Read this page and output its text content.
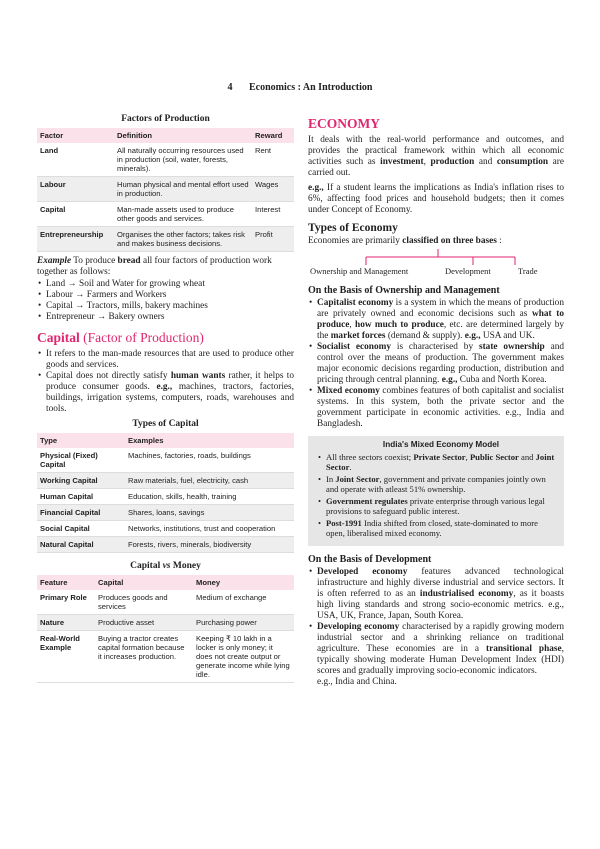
4 Economics : An Introduction
Factors of Production
Factor	Definition	Reward
Land	All naturally occurring resources used in production (soil, water, forests, minerals).	Rent
Labour	Human physical and mental effort used in production.	Wages
Capital	Man-made assets used to produce other goods and services.	Interest
Entrepreneurship	Organises the other factors; takes risk and makes business decisions.	Profit

Example To produce bread all four factors of production work together as follows:

• Land → Soil and Water for growing wheat
• Labour → Farmers and Workers
• Capital → Tractors, mills, bakery machines
• Entrepreneur → Bakery owners
Capital (Factor of Production)
• It refers to the man-made resources that are used to produce other goods and services.
• Capital does not directly satisfy human wants rather, it helps to produce consumer goods. e.g., machines, tractors, factories, buildings, irrigation systems, computers, roads, warehouses and tools.
Types of Capital
Type	Examples
Physical (Fixed) Capital	Machines, factories, roads, buildings
Working Capital	Raw materials, fuel, electricity, cash
Human Capital	Education, skills, health, training
Financial Capital	Shares, loans, savings
Social Capital	Networks, institutions, trust and cooperation
Natural Capital	Forests, rivers, minerals, biodiversity
Capital vs Money
Feature	Capital	Money
Primary Role	Produces goods and services	Medium of exchange
Nature	Productive asset	Purchasing power
Real-World Example	Buying a tractor creates capital formation because it increases production.	Keeping ₹ 10 lakh in a locker is only money; it does not create output or generate income while lying idle.
ECONOMY

It deals with the real-world performance and outcomes, and provides the practical framework within which all economic activities such as investment, production and consumption are carried out.

e.g., If a student learns the implications as India's inflation rises to 6%, affecting food prices and household budgets; then it comes under Concept of Economy.

Types of Economy

Economies are primarily classified on three bases :

Ownership and Management	Development	Trade
On the Basis of Ownership and Management
• Capitalist economy is a system in which the means of production are privately owned and economic decisions such as what to produce, how much to produce, etc. are determined largely by the market forces (demand & supply). e.g., USA and UK.
• Socialist economy is characterised by state ownership and control over the means of production. The government makes major economic decisions regarding production, distribution and pricing through central planning. e.g., Cuba and North Korea.
• Mixed economy combines features of both capitalist and socialist systems. In this system, both the private sector and the government participate in economic activities. e.g., India and Bangladesh.
India's Mixed Economy Model
• All three sectors coexist; Private Sector, Public Sector and Joint Sector.
• In Joint Sector, government and private companies jointly own and operate with atleast 51% ownership.
• Government regulates private enterprise through various legal provisions to safeguard public interest.
• Post-1991 India shifted from closed, state-dominated to more open, liberalised mixed economy.
On the Basis of Development
• Developed economy features advanced technological infrastructure and highly diverse industrial and service sectors. It is often referred to as an industrialised economy, as it boasts high living standards and strong socio-economic metrics. e.g., USA, UK, France, Japan, South Korea.
• Developing economy characterised by a rapidly growing modern industrial sector and a shrinking reliance on traditional agriculture. These economies are in a transitional phase, typically showing moderate Human Development Index (HDI) scores and gradually improving socio-economic indicators.
e.g., India and China.
